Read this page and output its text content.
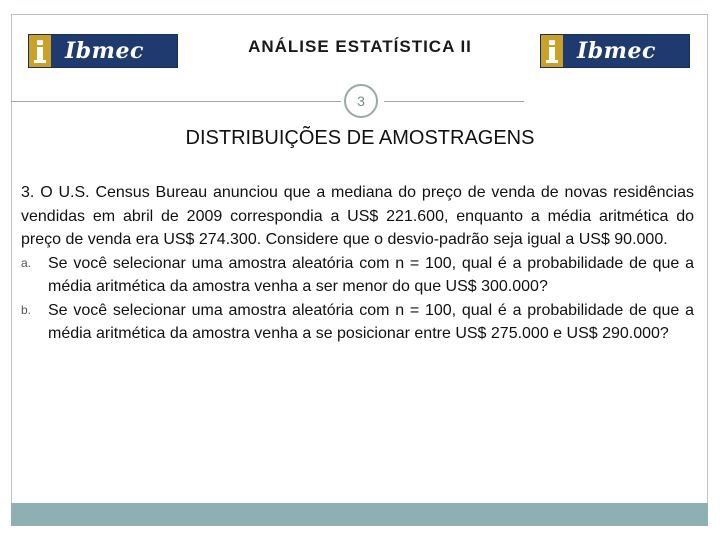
Ibmec	ANÁLISE ESTATÍSTICA II	Ibmec
3
DISTRIBUIÇÕES DE AMOSTRAGENS

3. O U.S. Census Bureau anunciou que a mediana do preço de venda de novas residências vendidas em abril de 2009 correspondia a US$ 221.600, enquanto a média aritmética do preço de venda era US$ 274.300. Considere que o desvio-padrão seja igual a US$ 90.000.

a. Se você selecionar uma amostra aleatória com n = 100, qual é a probabilidade de que a média aritmética da amostra venha a ser menor do que US$ 300.000?
b. Se você selecionar uma amostra aleatória com n = 100, qual é a probabilidade de que a média aritmética da amostra venha a se posicionar entre US$ 275.000 e US$ 290.000?
